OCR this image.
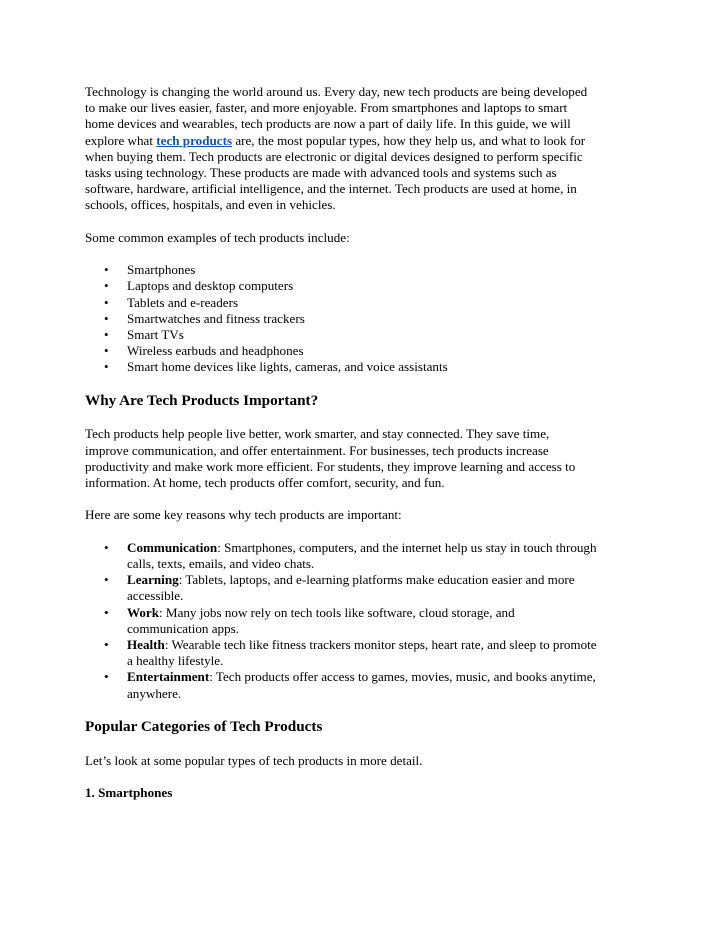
Technology is changing the world around us. Every day, new tech products are being developed
to make our lives easier, faster, and more enjoyable. From smartphones and laptops to smart
home devices and wearables, tech products are now a part of daily life. In this guide, we will
explore what tech products are, the most popular types, how they help us, and what to look for
when buying them. Tech products are electronic or digital devices designed to perform specific
tasks using technology. These products are made with advanced tools and systems such as
software, hardware, artificial intelligence, and the internet. Tech products are used at home, in
schools, offices, hospitals, and even in vehicles.

Some common examples of tech products include:

• Smartphones
• Laptops and desktop computers
• Tablets and e-readers
• Smartwatches and fitness trackers
• Smart TVs
• Wireless earbuds and headphones
• Smart home devices like lights, cameras, and voice assistants
Why Are Tech Products Important?

Tech products help people live better, work smarter, and stay connected. They save time,
improve communication, and offer entertainment. For businesses, tech products increase
productivity and make work more efficient. For students, they improve learning and access to
information. At home, tech products offer comfort, security, and fun.

Here are some key reasons why tech products are important:

• Communication: Smartphones, computers, and the internet help us stay in touch through
calls, texts, emails, and video chats.
• Learning: Tablets, laptops, and e-learning platforms make education easier and more
accessible.
• Work: Many jobs now rely on tech tools like software, cloud storage, and
communication apps.
• Health: Wearable tech like fitness trackers monitor steps, heart rate, and sleep to promote
a healthy lifestyle.
• Entertainment: Tech products offer access to games, movies, music, and books anytime,
anywhere.
Popular Categories of Tech Products

Let’s look at some popular types of tech products in more detail.

1. Smartphones
